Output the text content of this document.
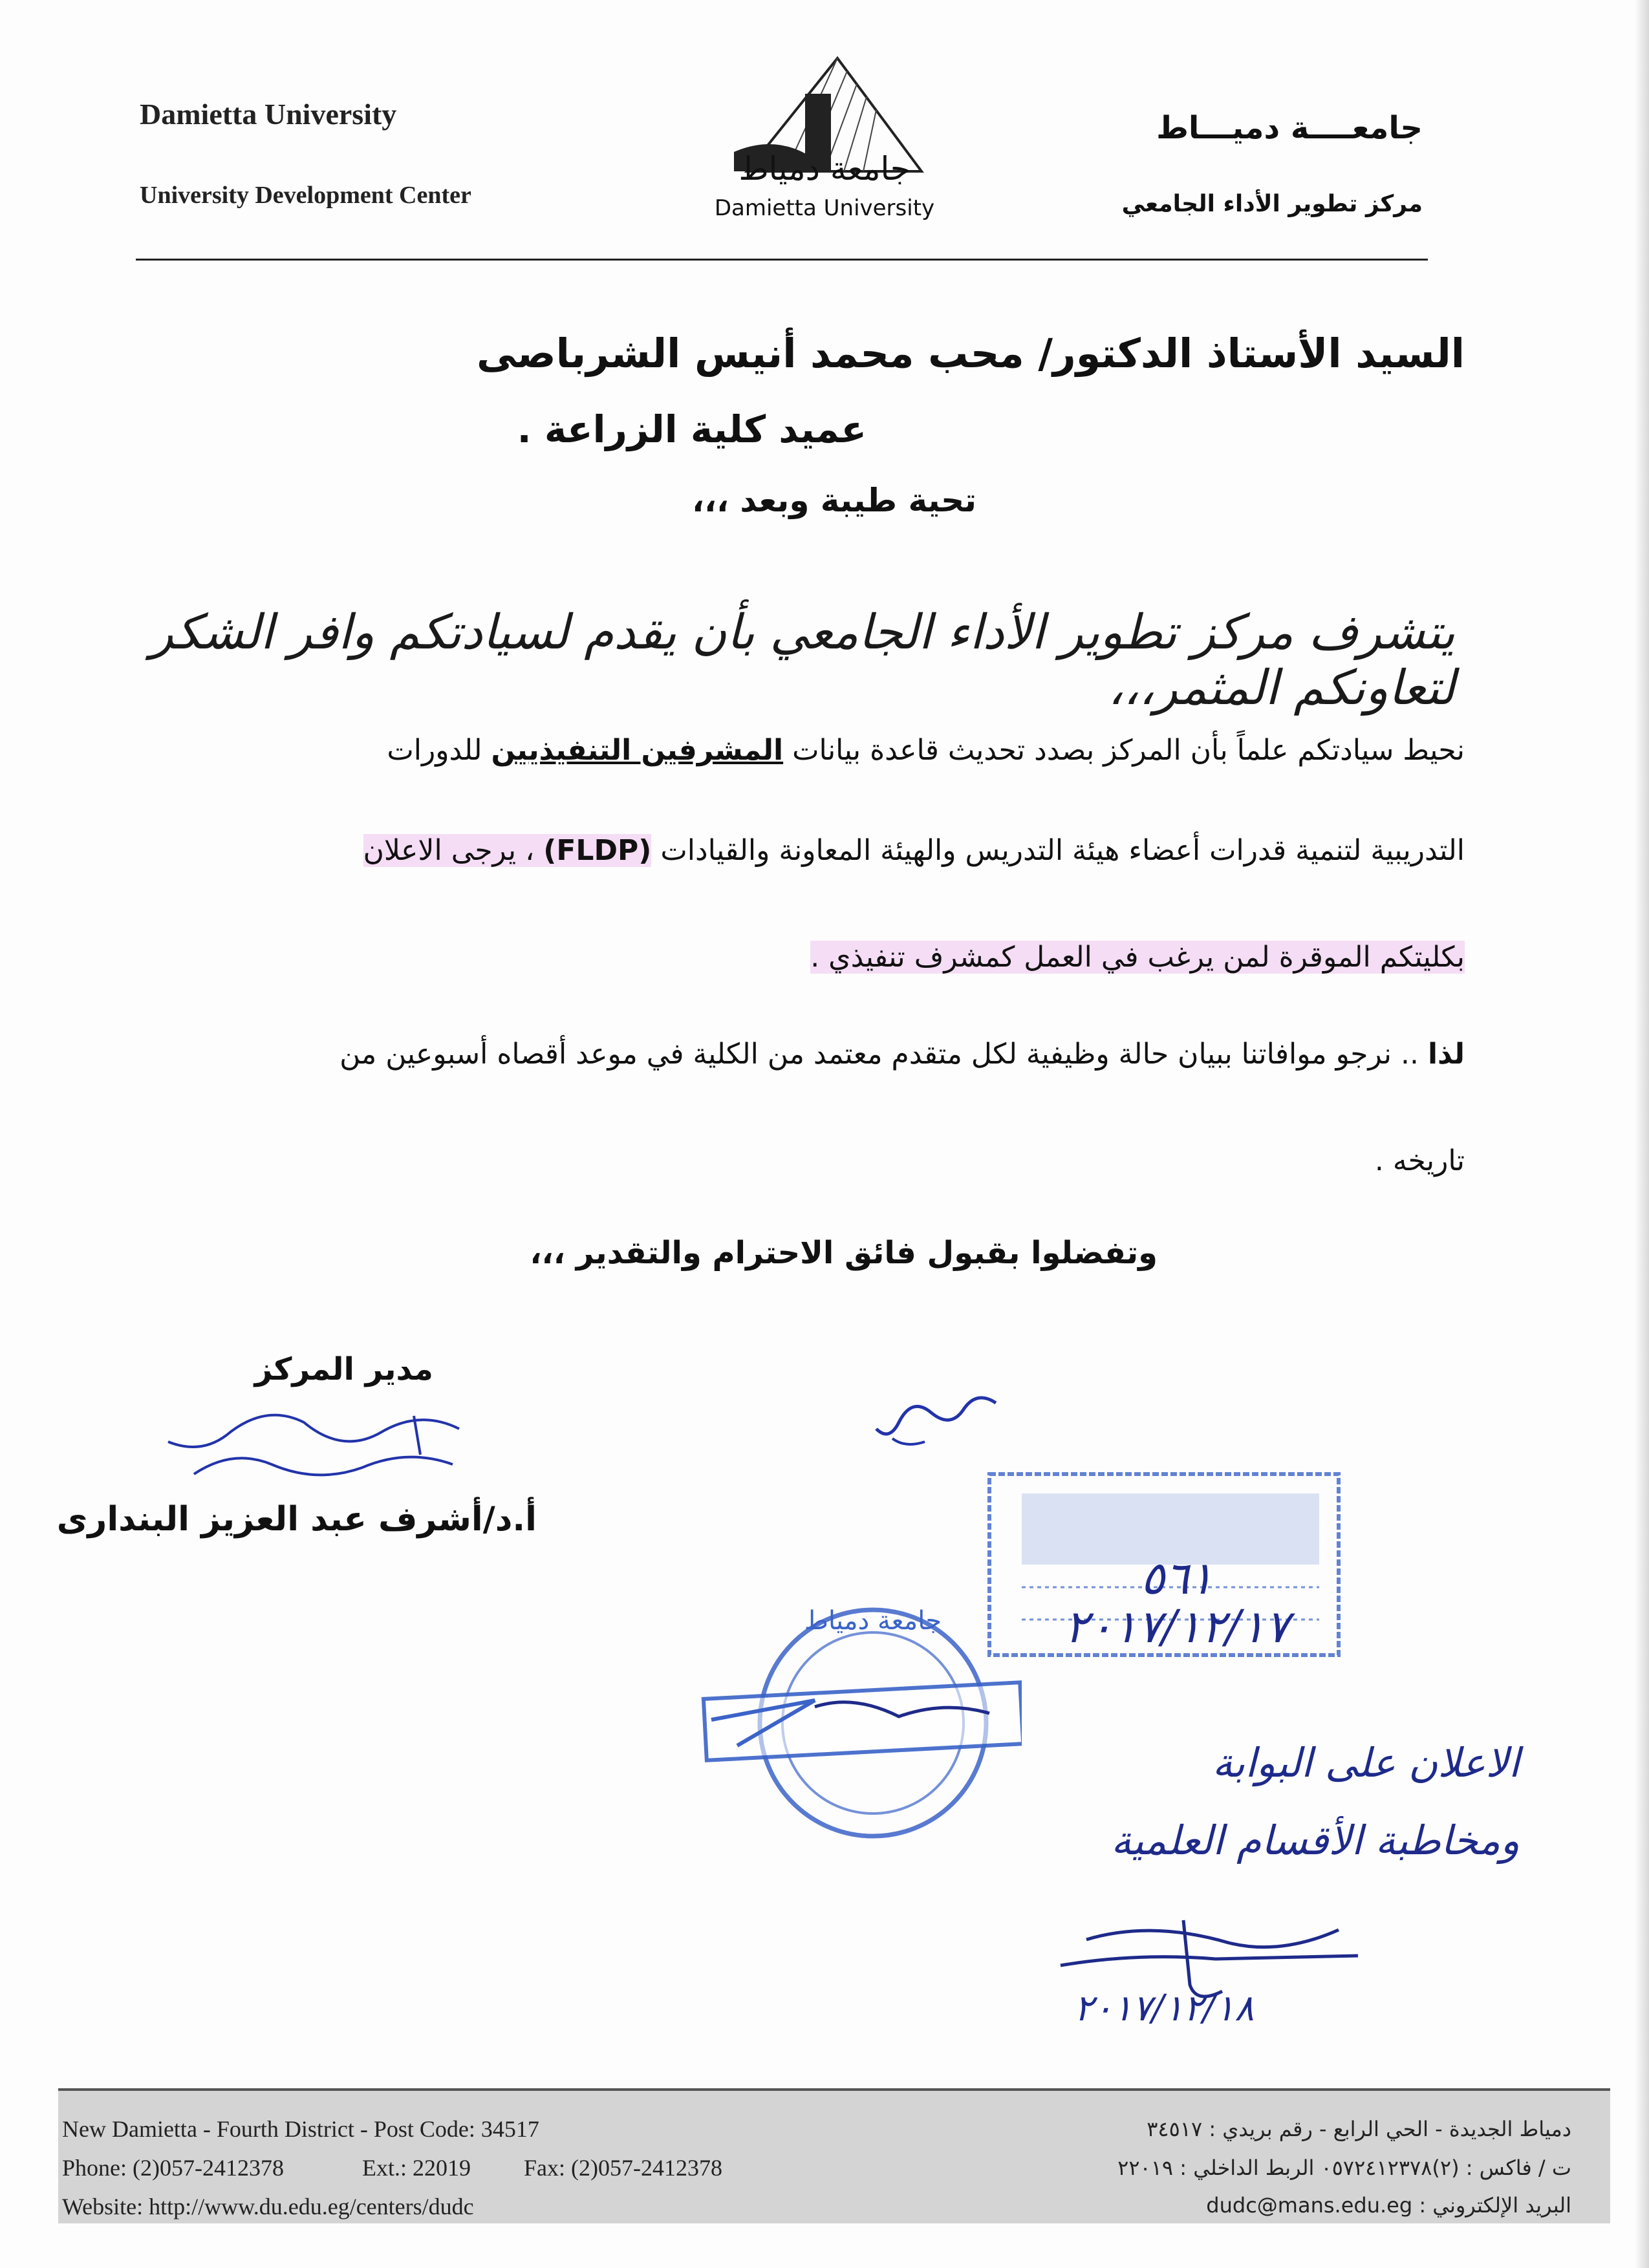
Damietta University
University Development Center
جامعــــة دميـــاط
مركز تطوير الأداء الجامعي
جامعة دمياط
Damietta University
السيد الأستاذ الدكتور/ محب محمد أنيس الشرباصى
عميد كلية الزراعة .
تحية طيبة وبعد ،،،
يتشرف مركز تطوير الأداء الجامعي بأن يقدم لسيادتكم وافر الشكر لتعاونكم المثمر،،،
نحيط سيادتكم علماً بأن المركز بصدد تحديث قاعدة بيانات المشرفين التنفيذيين للدورات
التدريبية لتنمية قدرات أعضاء هيئة التدريس والهيئة المعاونة والقيادات (FLDP) ، يرجى الاعلان
بكليتكم الموقرة لمن يرغب في العمل كمشرف تنفيذي .
لذا .. نرجو موافاتنا ببيان حالة وظيفية لكل متقدم معتمد من الكلية في موعد أقصاه أسبوعين من
تاريخه .
وتفضلوا بقبول فائق الاحترام والتقدير ،،،
مدير المركز
أ.د/أشرف عبد العزيز البندارى
٥٦١
٢٠١٧/١٢/١٧
جامعة دمياط
الاعلان على البوابة
ومخاطبة الأقسام العلمية
٢٠١٧/١٢/١٨
New Damietta - Fourth District - Post Code: 34517
Phone: (2)057-2412378	Ext.: 22019 Fax: (2)057-2412378
Website: http://www.du.edu.eg/centers/dudc
دمياط الجديدة - الحي الرابع - رقم بريدي : ٣٤٥١٧
ت / فاكس : (٢)٠٥٧٢٤١٢٣٧٨ الربط الداخلي : ٢٢٠١٩
البريد الإلكتروني : dudc@mans.edu.eg
